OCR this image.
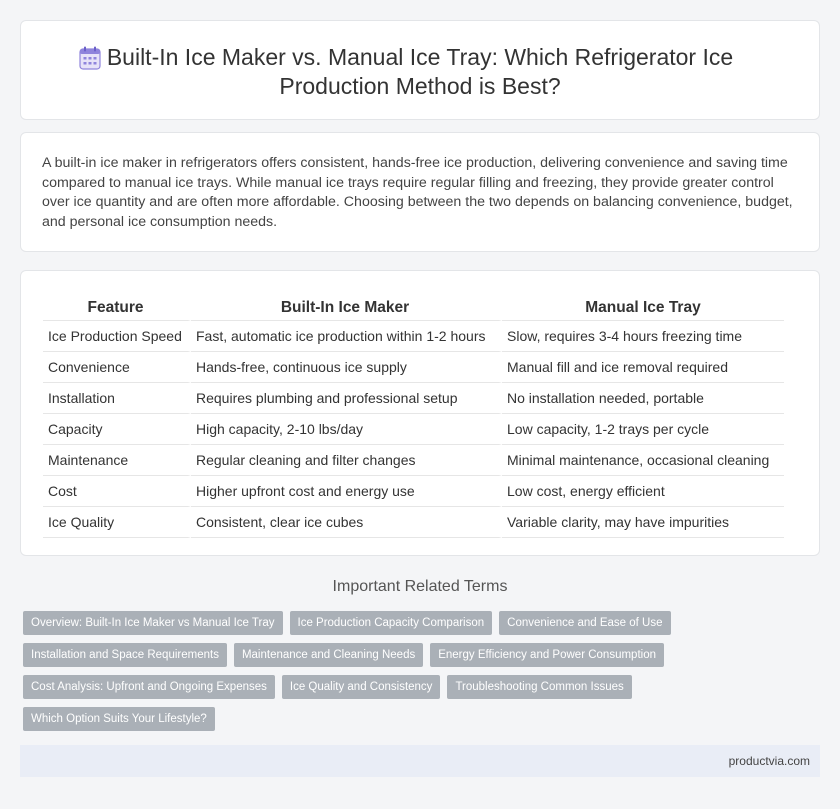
Built-In Ice Maker vs. Manual Ice Tray: Which Refrigerator Ice
Production Method is Best?

A built-in ice maker in refrigerators offers consistent, hands-free ice production, delivering convenience and saving time compared to manual ice trays. While manual ice trays require regular filling and freezing, they provide greater control over ice quantity and are often more affordable. Choosing between the two depends on balancing convenience, budget, and personal ice consumption needs.

Feature	Built-In Ice Maker	Manual Ice Tray
Ice Production Speed	Fast, automatic ice production within 1-2 hours	Slow, requires 3-4 hours freezing time
Convenience	Hands-free, continuous ice supply	Manual fill and ice removal required
Installation	Requires plumbing and professional setup	No installation needed, portable
Capacity	High capacity, 2-10 lbs/day	Low capacity, 1-2 trays per cycle
Maintenance	Regular cleaning and filter changes	Minimal maintenance, occasional cleaning
Cost	Higher upfront cost and energy use	Low cost, energy efficient
Ice Quality	Consistent, clear ice cubes	Variable clarity, may have impurities
Important Related Terms
Overview: Built-In Ice Maker vs Manual Ice Tray	Ice Production Capacity Comparison	Convenience and Ease of Use
Installation and Space Requirements	Maintenance and Cleaning Needs	Energy Efficiency and Power Consumption
Cost Analysis: Upfront and Ongoing Expenses	Ice Quality and Consistency	Troubleshooting Common Issues
Which Option Suits Your Lifestyle?
productvia.com
